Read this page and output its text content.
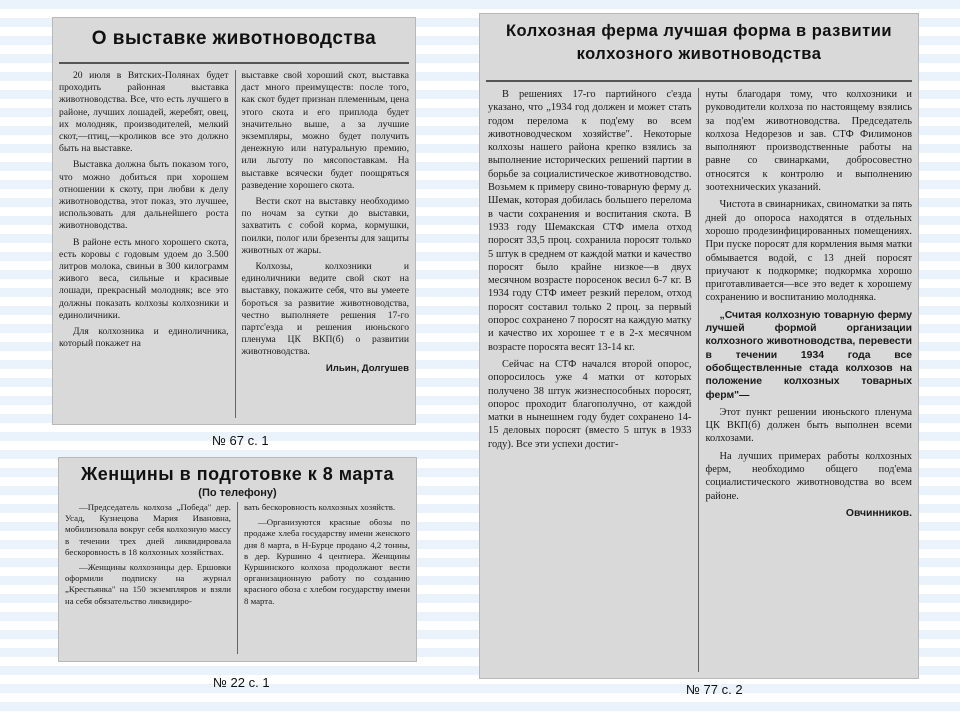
О выставке животноводства

20 июля в Вятских-Полянах будет проходить районная выставка животноводства. Все, что есть лучшего в районе, лучших лошадей, жеребят, овец, их молодняк, производителей, мелкий скот,—птиц,—кроликов все это должно быть на выставке.

Выставка должна быть показом того, что можно добиться при хорошем отношении к скоту, при любви к делу животноводства, этот показ, это лучшее, использовать для дальнейшего роста животноводства.

В районе есть много хорошего скота, есть коровы с годовым удоем до 3.500 литров молока, свиньи в 300 килограмм живого веса, сильные и красивые лошади, прекрасный молодняк; все это должны показать колхозы колхозники и единоличники.

Для колхозника и единоличника, который покажет на

выставке свой хороший скот, выставка даст много преимуществ: после того, как скот будет признан племенным, цена этого скота и его приплода будет значительно выше, а за лучшие экземпляры, можно будет получить денежную или натуральную премию, или льготу по мясопоставкам. На выставке всячески будет поощряться разведение хорошего скота.

Вести скот на выставку необходимо по ночам за сутки до выставки, захватить с собой корма, кормушки, поилки, полог или брезенты для защиты животных от жары.

Колхозы, колхозники и единоличники ведите свой скот на выставку, покажите себя, что вы умеете бороться за развитие животноводства, честно выполняете решения 17-го партс'езда и решения июньского пленума ЦК ВКП(б) о развитии животноводства.

Ильин, Долгушев
№ 67 с. 1
Женщины в подготовке к 8 марта
(По телефону)

—Председатель колхоза „Победа" дер. Усад, Кузнецова Мария Ивановна, мобилизовала вокруг себя колхозную массу в течении трех дней ликвидировала бескоровность в 18 колхозных хозяйствах.

—Женщины колхозницы дер. Ершовки оформили подписку на журнал „Крестьянка" на 150 экземпляров и взяли на себя обязательство ликвидиро-

вать бескоровность колхозных хозяйств.

—Организуются красные обозы по продаже хлеба государству имени женского дня 8 марта, в Н-Бурце продано 4,2 тонны, в дер. Куршино 4 центнера. Женщины Куршинского колхоза продолжают вести организационную работу по созданию красного обоза с хлебом государству имени 8 марта.

№ 22 с. 1
Колхозная ферма лучшая форма в развитии
колхозного животноводства

В решениях 17-го партийного с'езда указано, что „1934 год должен и может стать годом перелома к под'ему во всем животноводческом хозяйстве". Некоторые колхозы нашего района крепко взялись за выполнение исторических решений партии в борьбе за социалистическое животноводство. Возьмем к примеру свино-товарную ферму д. Шемак, которая добилась большего перелома в части сохранения и воспитания скота. В 1933 году Шемакская СТФ имела отход поросят 33,5 проц. сохранила поросят только 5 штук в среднем от каждой матки и качество поросят было крайне низкое—в двух месячном возрасте поросенок весил 6-7 кг. В 1934 году СТФ имеет резкий перелом, отход поросят составил только 2 проц. за первый опорос сохранено 7 поросят на каждую матку и качество их хорошее т е в 2-х месячном возрасте поросята весят 13-14 кг.

Сейчас на СТФ начался второй опорос, опоросилось уже 4 матки от которых получено 38 штук жизнеспособных поросят, опорос проходит благополучно, от каждой матки в нынешнем году будет сохранено 14-15 деловых поросят (вместо 5 штук в 1933 году). Все эти успехи достиг-

нуты благодаря тому, что колхозники и руководители колхоза по настоящему взялись за под'ем животноводства. Председатель колхоза Недорезов и зав. СТФ Филимонов выполняют производственные работы на равне со свинарками, добросовестно относятся к контролю и выполнению зоотехнических указаний.

Чистота в свинарниках, свиноматки за пять дней до опороса находятся в отдельных хорошо продезинфицированных помещениях. При пуске поросят для кормления вымя матки обмывается водой, с 13 дней поросят приучают к подкормке; подкормка хорошо приготавливается—все это ведет к хорошему сохранению и воспитанию молодняка.

„Считая колхозную товарную ферму лучшей формой организации колхозного животноводства, перевести в течении 1934 года все обобществленные стада колхозов на положение колхозных товарных ферм"—

Этот пункт решении июньского пленума ЦК ВКП(б) должен быть выполнен всеми колхозами.

На лучших примерах работы колхозных ферм, необходимо общего под'ема социалистического животноводства во всем районе.

Овчинников.
№ 77 с. 2
